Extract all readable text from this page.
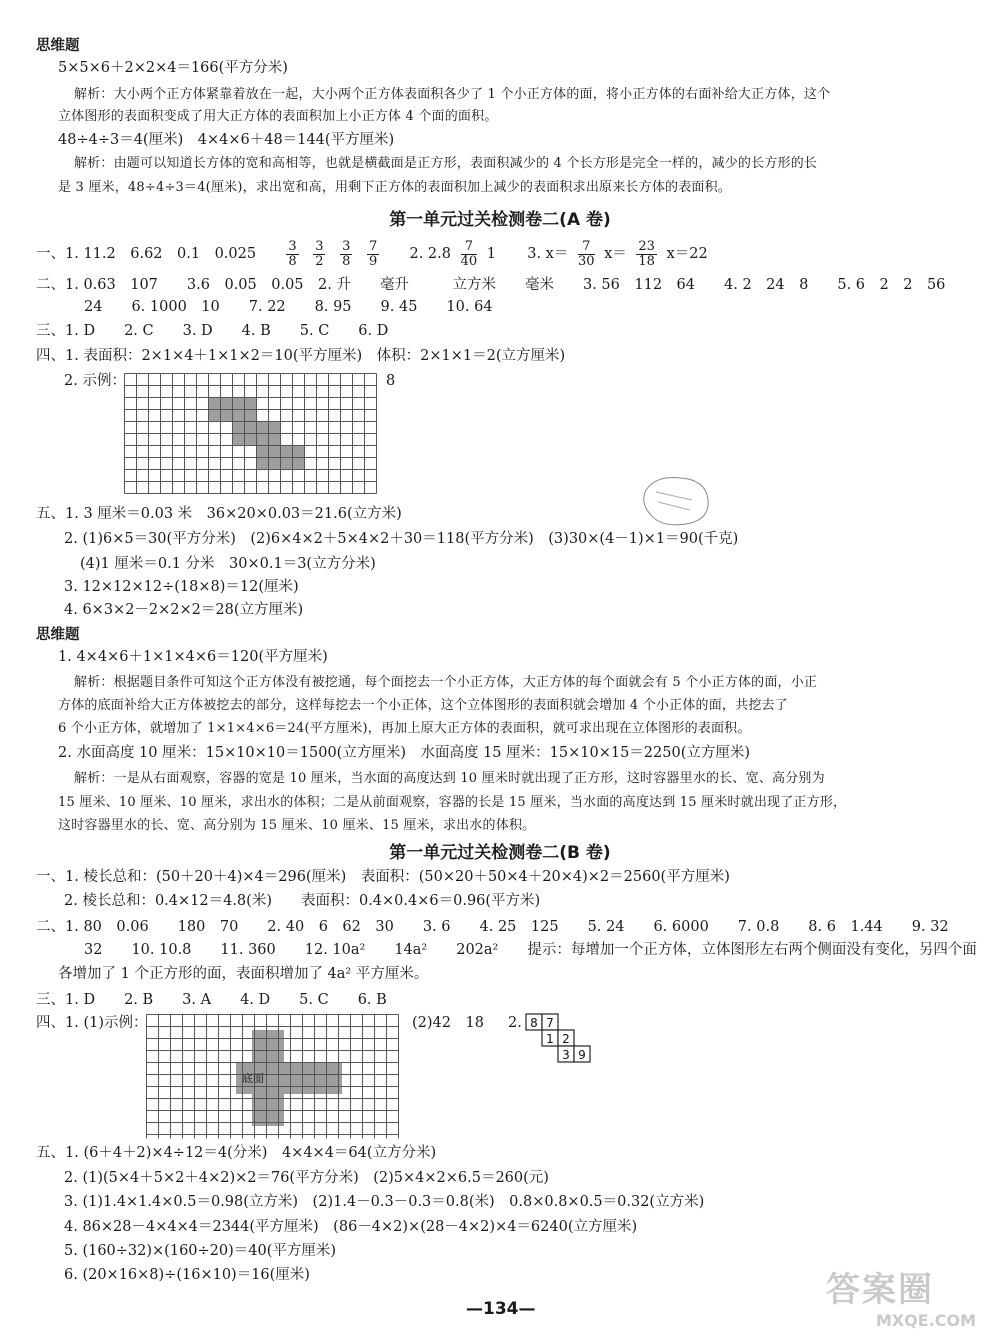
思维题
5×5×6＋2×2×4＝166(平方分米)
解析：大小两个正方体紧靠着放在一起，大小两个正方体表面积各少了 1 个小正方体的面，将小正方体的右面补给大正方体，这个
立体图形的表面积变成了用大正方体的表面积加上小正方体 4 个面的面积。
48÷4÷3＝4(厘米)　4×4×6＋48＝144(平方厘米)
解析：由题可以知道长方体的宽和高相等，也就是横截面是正方形，表面积减少的 4 个长方形是完全一样的，减少的长方形的长
是 3 厘米，48÷4÷3＝4(厘米)，求出宽和高，用剩下正方体的表面积加上减少的表面积求出原来长方体的表面积。
第一单元过关检测卷二(A 卷)
一、1. 11.2　6.62　0.1　$0.025 \frac{3}{8}$
$\frac{3}{2}$
$\frac{3}{8}$
$\frac{7}{9} 2$. $2.8 \frac{7}{40} 1$ 3. $x= \frac{7}{30} x= \frac{23}{18} x=22$
二、1. 0.63　107　　3.6　0.05　0.05　2. 升　　毫升　　　立方米　　毫米　　3. 56　112　64　　4. 2　24　8　　5. 6　2　2　56
24　　6. 1000　10　　7. 22　　8. 95　　9. 45　　10. 64
三、1. D　　2. C　　3. D　　4. B　　5. C　　6. D
四、1. 表面积：2×1×4＋1×1×2＝10(平方厘米)　体积：2×1×1＝2(立方厘米)
2. 示例：	8
五、1. 3 厘米＝0.03 米　36×20×0.03＝21.6(立方米)
2. (1)6×5＝30(平方分米)　(2)6×4×2＋5×4×2＋30＝118(平方分米)　(3)30×(4－1)×1＝90(千克)
(4)1 厘米＝0.1 分米　30×0.1＝3(立方分米)
3. 12×12×12÷(18×8)＝12(厘米)
4. 6×3×2－2×2×2＝28(立方厘米)
思维题
1. 4×4×6＋1×1×4×6＝120(平方厘米)
解析：根据题目条件可知这个正方体没有被挖通，每个面挖去一个小正方体，大正方体的每个面就会有 5 个小正方体的面，小正
方体的底面补给大正方体被挖去的部分，这样每挖去一个小正体，这个立体图形的表面积就会增加 4 个小正体的面，共挖去了
6 个小正方体，就增加了 1×1×4×6＝24(平方厘米)，再加上原大正方体的表面积，就可求出现在立体图形的表面积。
2. 水面高度 10 厘米：15×10×10＝1500(立方厘米)　水面高度 15 厘米：15×10×15＝2250(立方厘米)
解析：一是从右面观察，容器的宽是 10 厘米，当水面的高度达到 10 厘米时就出现了正方形，这时容器里水的长、宽、高分别为
15 厘米、10 厘米、10 厘米，求出水的体积；二是从前面观察，容器的长是 15 厘米，当水面的高度达到 15 厘米时就出现了正方形，
这时容器里水的长、宽、高分别为 15 厘米、10 厘米、15 厘米，求出水的体积。
第一单元过关检测卷二(B 卷)
一、1. 棱长总和：(50＋20＋4)×4＝296(厘米)　表面积：(50×20＋50×4＋20×4)×2＝2560(平方厘米)
2. 棱长总和：0.4×12＝4.8(米)　　表面积：0.4×0.4×6＝0.96(平方米)
二、1. 80　0.06　　180　70　　2. 40　6　62　30　　3. 6　　4. 25　125　　5. 24　　6. 6000　　7. 0.8　　8. 6　1.44　　9. 32
32　　10. 10.8　　11. 360　　12. 10a²　　14a²　　202a²　　提示：每增加一个正方体，立体图形左右两个侧面没有变化，另四个面
各增加了 1 个正方形的面，表面积增加了 4a² 平方厘米。
三、1. D　　2. B　　3. A　　4. D　　5. C　　6. B
四、1. (1)示例：	(2)42　18 2.
底面
8 7
1 2
3 9
五、1. (6＋4＋2)×4÷12＝4(分米)　4×4×4＝64(立方分米)
2. (1)(5×4＋5×2＋4×2)×2＝76(平方分米)　(2)5×4×2×6.5＝260(元)
3. (1)1.4×1.4×0.5＝0.98(立方米)　(2)1.4－0.3－0.3＝0.8(米)　0.8×0.8×0.5＝0.32(立方米)
4. 86×28－4×4×4＝2344(平方厘米)　(86－4×2)×(28－4×2)×4＝6240(立方厘米)
5. (160÷32)×(160÷20)＝40(平方厘米)
6. (20×16×8)÷(16×10)＝16(厘米)
—134—	答案圈
MXQE.COM
